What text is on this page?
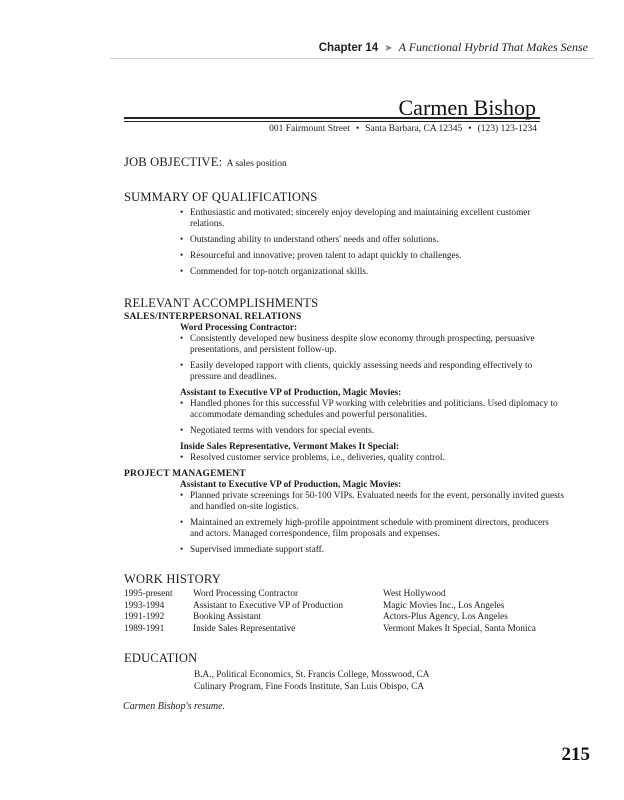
Chapter 14 ➤ A Functional Hybrid That Makes Sense
Carmen Bishop
001 Fairmount Street • Santa Barbara, CA 12345 • (123) 123-1234
JOB OBJECTIVE: A sales position
SUMMARY OF QUALIFICATIONS
• Enthusiastic and motivated; sincerely enjoy developing and maintaining excellent customer relations.
• Outstanding ability to understand others' needs and offer solutions.
• Resourceful and innovative; proven talent to adapt quickly to challenges.
• Commended for top-notch organizational skills.
RELEVANT ACCOMPLISHMENTS
SALES/INTERPERSONAL RELATIONS
Word Processing Contractor:
• Consistently developed new business despite slow economy through prospecting, persuasive presentations, and persistent follow-up.
• Easily developed rapport with clients, quickly assessing needs and responding effectively to pressure and deadlines.
Assistant to Executive VP of Production, Magic Movies:
• Handled phones for this successful VP working with celebrities and politicians. Used diplomacy to accommodate demanding schedules and powerful personalities.
• Negotiated terms with vendors for special events.
Inside Sales Representative, Vermont Makes It Special:
• Resolved customer service problems, i.e., deliveries, quality control.
PROJECT MANAGEMENT
Assistant to Executive VP of Production, Magic Movies:
• Planned private screenings for 50-100 VIPs. Evaluated needs for the event, personally invited guests and handled on-site logistics.
• Maintained an extremely high-profile appointment schedule with prominent directors, producers and actors. Managed correspondence, film proposals and expenses.
• Supervised immediate support staff.
WORK HISTORY
1995-present	Word Processing Contractor	West Hollywood
1993-1994	Assistant to Executive VP of Production	Magic Movies Inc., Los Angeles
1991-1992	Booking Assistant	Actors-Plus Agency, Los Angeles
1989-1991	Inside Sales Representative	Vermont Makes It Special, Santa Monica
EDUCATION
B.A., Political Economics, St. Francis College, Mosswood, CA
Culinary Program, Fine Foods Institute, San Luis Obispo, CA
Carmen Bishop's resume.
215
